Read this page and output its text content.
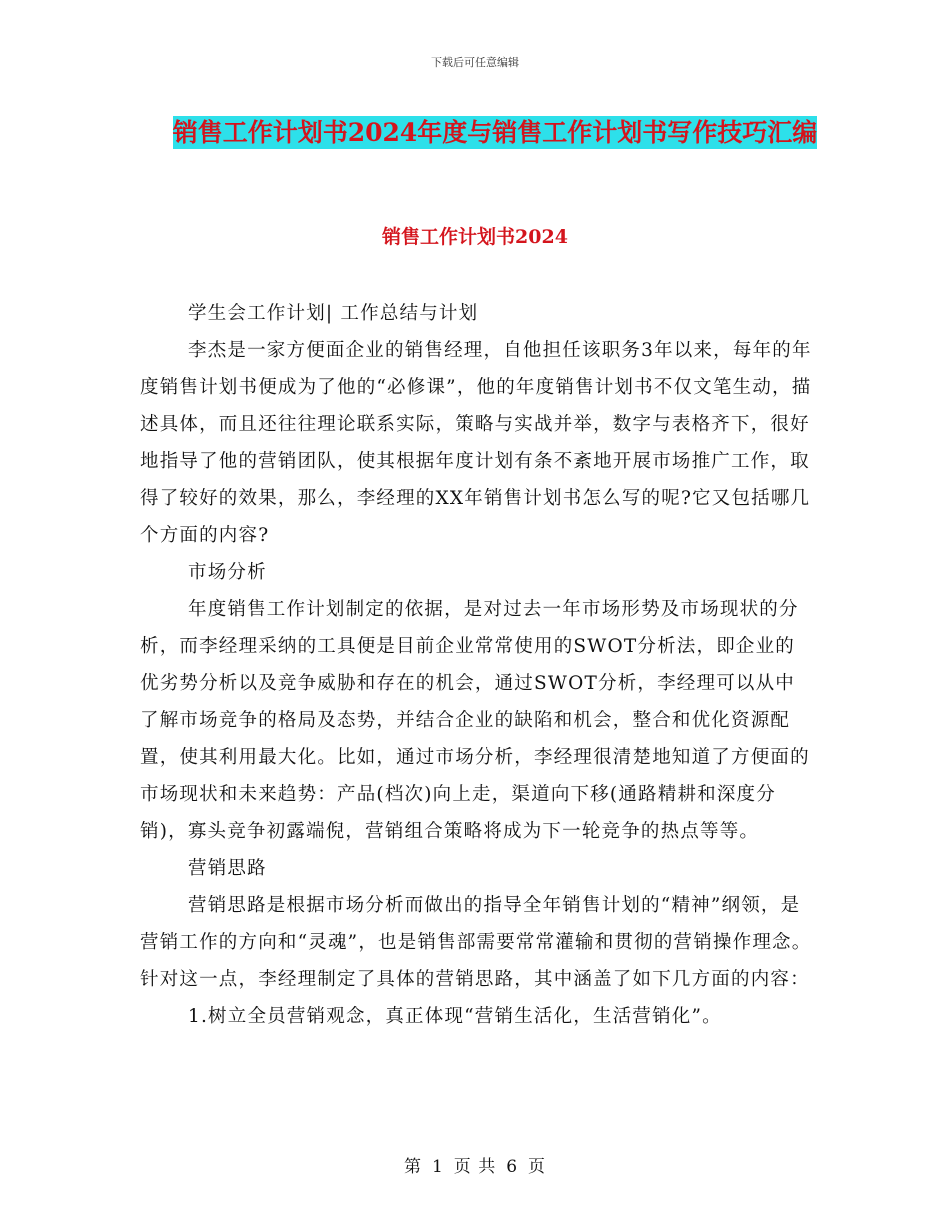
下载后可任意编辑
销售工作计划书2024年度与销售工作计划书写作技巧汇编
销售工作计划书2024

学生会工作计划| 工作总结与计划

李杰是一家方便面企业的销售经理，自他担任该职务3年以来，每年的年度销售计划书便成为了他的“必修课”，他的年度销售计划书不仅文笔生动，描述具体，而且还往往理论联系实际，策略与实战并举，数字与表格齐下，很好地指导了他的营销团队，使其根据年度计划有条不紊地开展市场推广工作，取得了较好的效果，那么，李经理的XX年销售计划书怎么写的呢?它又包括哪几个方面的内容?

市场分析

年度销售工作计划制定的依据，是对过去一年市场形势及市场现状的分析，而李经理采纳的工具便是目前企业常常使用的SWOT分析法，即企业的优劣势分析以及竞争威胁和存在的机会，通过SWOT分析，李经理可以从中了解市场竞争的格局及态势，并结合企业的缺陷和机会，整合和优化资源配置，使其利用最大化。比如，通过市场分析，李经理很清楚地知道了方便面的市场现状和未来趋势：产品(档次)向上走，渠道向下移(通路精耕和深度分销)，寡头竞争初露端倪，营销组合策略将成为下一轮竞争的热点等等。

营销思路

营销思路是根据市场分析而做出的指导全年销售计划的“精神”纲领，是营销工作的方向和“灵魂”，也是销售部需要常常灌输和贯彻的营销操作理念。针对这一点，李经理制定了具体的营销思路，其中涵盖了如下几方面的内容：

1.树立全员营销观念，真正体现“营销生活化，生活营销化”。

第 1 页 共 6 页
